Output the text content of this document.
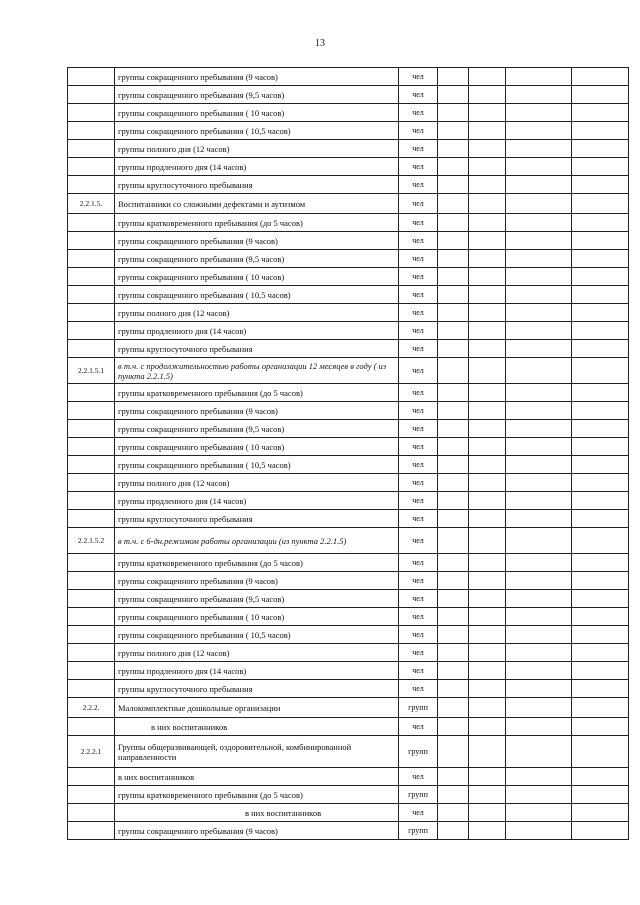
13
	группы сокращенного пребывания (9 часов)	чел				
	группы сокращенного пребывания (9,5 часов)	чел				
	группы сокращенного пребывания ( 10 часов)	чел				
	группы сокращенного пребывания ( 10,5 часов)	чел				
	группы полного дня (12 часов)	чел				
	группы продленного дня (14 часов)	чел				
	группы круглосуточного пребывания	чел				
2.2.1.5.	Воспитанники со сложными дефектами и аутизмом	чел				
	группы кратковременного пребывания (до 5 часов)	чел				
	группы сокращенного пребывания (9 часов)	чел				
	группы сокращенного пребывания (9,5 часов)	чел				
	группы сокращенного пребывания ( 10 часов)	чел				
	группы сокращенного пребывания ( 10,5 часов)	чел				
	группы полного дня (12 часов)	чел				
	группы продленного дня (14 часов)	чел				
	группы круглосуточного пребывания	чел				
2.2.1.5.1	в т.ч. с продолжительностью работы организации 12 месяцев в году ( из пункта 2.2.1.5)	чел				
	группы кратковременного пребывания (до 5 часов)	чел				
	группы сокращенного пребывания (9 часов)	чел				
	группы сокращенного пребывания (9,5 часов)	чел				
	группы сокращенного пребывания ( 10 часов)	чел				
	группы сокращенного пребывания ( 10,5 часов)	чел				
	группы полного дня (12 часов)	чел				
	группы продленного дня (14 часов)	чел				
	группы круглосуточного пребывания	чел				
2.2.1.5.2	в т.ч. с 6-дн.режимом работы организации (из пункта 2.2.1.5)	чел				
	группы кратковременного пребывания (до 5 часов)	чел				
	группы сокращенного пребывания (9 часов)	чел				
	группы сокращенного пребывания (9,5 часов)	чел				
	группы сокращенного пребывания ( 10 часов)	чел				
	группы сокращенного пребывания ( 10,5 часов)	чел				
	группы полного дня (12 часов)	чел				
	группы продленного дня (14 часов)	чел				
	группы круглосуточного пребывания	чел				
2.2.2.	Малокомплектные дошкольные организации	групп				
	в них воспитанников	чел				
2.2.2.1	Группы общеразвивающей, оздоровительной, комбинированной направленности	групп				
	в них воспитанников	чел				
	группы кратковременного пребывания (до 5 часов)	групп				
	в них воспитанников	чел				
	группы сокращенного пребывания (9 часов)	групп				
